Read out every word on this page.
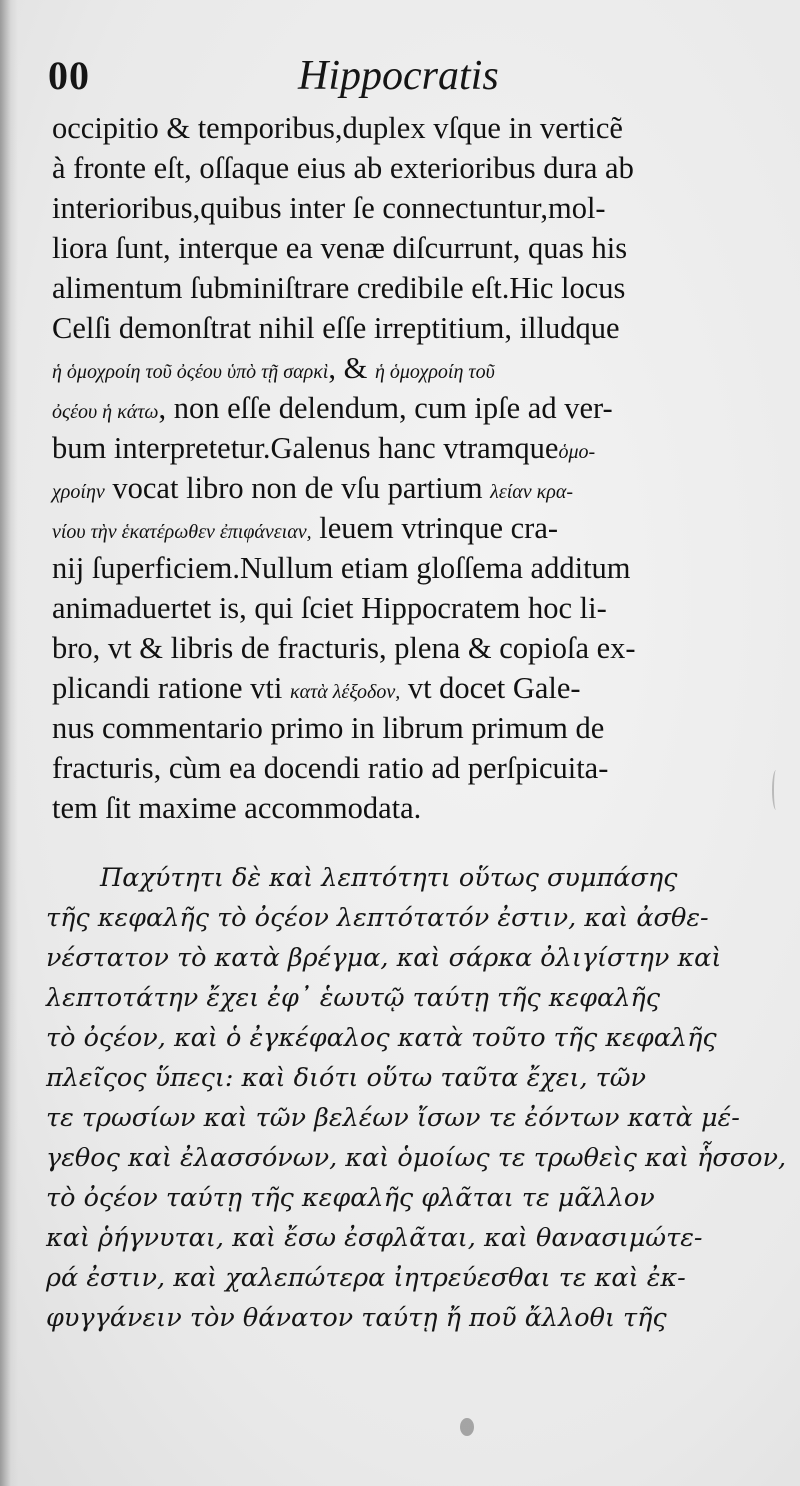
00	Hippocratis
occipitio & temporibus,duplex vſque in verticẽ
à fronte eſt, oſſaque eius ab exterioribus dura ab
interioribus,quibus inter ſe connectuntur,mol-
liora ſunt, interque ea venæ diſcurrunt, quas his
alimentum ſubminiſtrare credibile eſt.Hic locus
Celſi demonſtrat nihil eſſe irreptitium, illudque
ἡ ὁμοχροίη τοῦ ὀςέου ὑπὸ τῇ σαρκὶ, & ἡ ὁμοχροίη τοῦ
ὀςέου ἡ κάτω, non eſſe delendum, cum ipſe ad ver-
bum interpretetur.Galenus hanc vtramqueὁμο-
χροίην vocat libro non de vſu partium λείαν κρα-
νίου τὴν ἑκατέρωθεν ἐπιφάνειαν, leuem vtrinque cra-
nij ſuperficiem.Nullum etiam gloſſema additum
animaduertet is, qui ſciet Hippocratem hoc li-
bro, vt & libris de fracturis, plena & copioſa ex-
plicandi ratione vti κατὰ λέξοδον, vt docet Gale-
nus commentario primo in librum primum de
fracturis, cùm ea docendi ratio ad perſpicuita-
tem ſit maxime accommodata.
Παχύτητι δὲ καὶ λεπτότητι οὕτως συμπάσης
τῆς κεφαλῆς τὸ ὀςέον λεπτότατόν ἐστιν, καὶ ἀσθε-
νέστατον τὸ κατὰ βρέγμα, καὶ σάρκα ὀλιγίστην καὶ
λεπτοτάτην ἔχει ἐφ᾽ ἑωυτῷ ταύτῃ τῆς κεφαλῆς
τὸ ὀςέον, καὶ ὁ ἐγκέφαλος κατὰ τοῦτο τῆς κεφαλῆς
πλεῖςος ὕπεςι: καὶ διότι οὕτω ταῦτα ἔχει, τῶν
τε τρωσίων καὶ τῶν βελέων ἴσων τε ἐόντων κατὰ μέ-
γεθος καὶ ἐλασσόνων, καὶ ὁμοίως τε τρωθεὶς καὶ ἧσσον,
τὸ ὀςέον ταύτῃ τῆς κεφαλῆς φλᾶται τε μᾶλλον
καὶ ῥήγνυται, καὶ ἔσω ἐσφλᾶται, καὶ θανασιμώτε-
ρά ἐστιν, καὶ χαλεπώτερα ἰητρεύεσθαι τε καὶ ἐκ-
φυγγάνειν τὸν θάνατον ταύτῃ ἤ ποῦ ἄλλοθι τῆς
